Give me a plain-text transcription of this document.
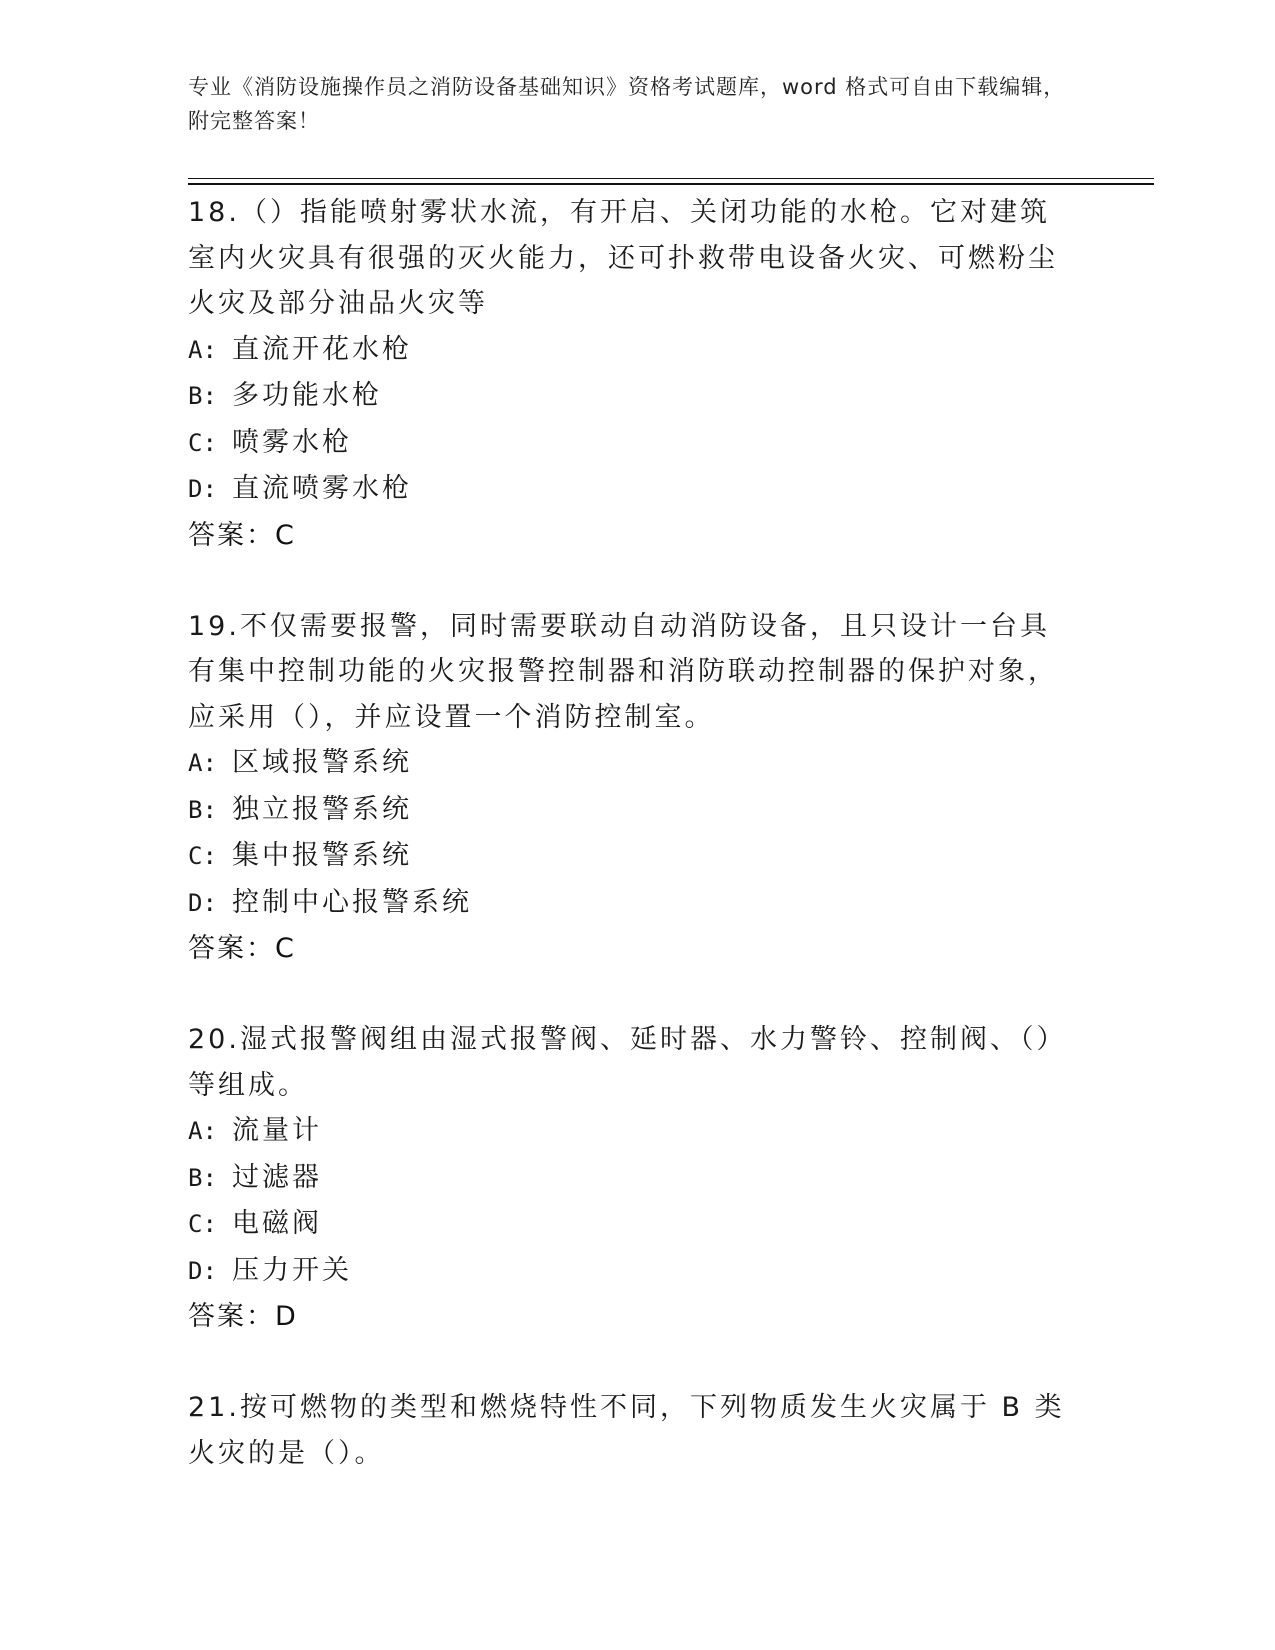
专业《消防设施操作员之消防设备基础知识》资格考试题库，word 格式可自由下载编辑，附完整答案！
18.（）指能喷射雾状水流，有开启、关闭功能的水枪。它对建筑室内火灾具有很强的灭火能力，还可扑救带电设备火灾、可燃粉尘火灾及部分油品火灾等
A: 直流开花水枪
B: 多功能水枪
C: 喷雾水枪
D: 直流喷雾水枪
答案：C
19.不仅需要报警，同时需要联动自动消防设备，且只设计一台具有集中控制功能的火灾报警控制器和消防联动控制器的保护对象，应采用（），并应设置一个消防控制室。
A: 区域报警系统
B: 独立报警系统
C: 集中报警系统
D: 控制中心报警系统
答案：C
20.湿式报警阀组由湿式报警阀、延时器、水力警铃、控制阀、（）等组成。
A: 流量计
B: 过滤器
C: 电磁阀
D: 压力开关
答案：D
21.按可燃物的类型和燃烧特性不同，下列物质发生火灾属于 B 类火灾的是（）。
